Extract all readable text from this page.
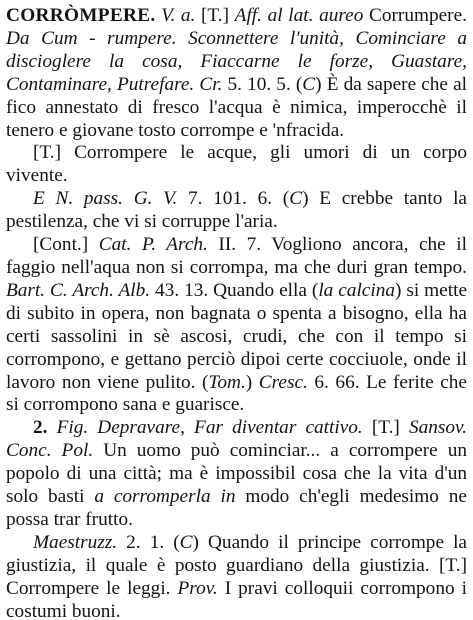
CORRÒMPERE. V. a. [T.] Aff. al lat. aureo Corrumpere. Da Cum - rumpere. Sconnettere l'unità, Cominciare a discioglere la cosa, Fiaccarne le forze, Guastare, Contaminare, Putrefare. Cr. 5. 10. 5. (C) È da sapere che al fico annestato di fresco l'acqua è nimica, imperocchè il tenero e giovane tosto corrompe e 'nfracida.

[T.] Corrompere le acque, gli umori di un corpo vivente.

E N. pass. G. V. 7. 101. 6. (C) E crebbe tanto la pestilenza, che vi si corruppe l'aria.

[Cont.] Cat. P. Arch. II. 7. Vogliono ancora, che il faggio nell'aqua non si corrompa, ma che duri gran tempo. Bart. C. Arch. Alb. 43. 13. Quando ella (la calcina) si mette di subito in opera, non bagnata o spenta a bisogno, ella ha certi sassolini in sè ascosi, crudi, che con il tempo si corrompono, e gettano perciò dipoi certe cocciuole, onde il lavoro non viene pulito. (Tom.) Cresc. 6. 66. Le ferite che si corrompono sana e guarisce.

2. Fig. Depravare, Far diventar cattivo. [T.] Sansov. Conc. Pol. Un uomo può cominciar... a corrompere un popolo di una città; ma è impossibil cosa che la vita d'un solo basti a corromperla in modo ch'egli medesimo ne possa trar frutto.

Maestruzz. 2. 1. (C) Quando il principe corrompe la giustizia, il quale è posto guardiano della giustizia. [T.] Corrompere le leggi. Prov. I pravi colloquii corrompono i costumi buoni.
